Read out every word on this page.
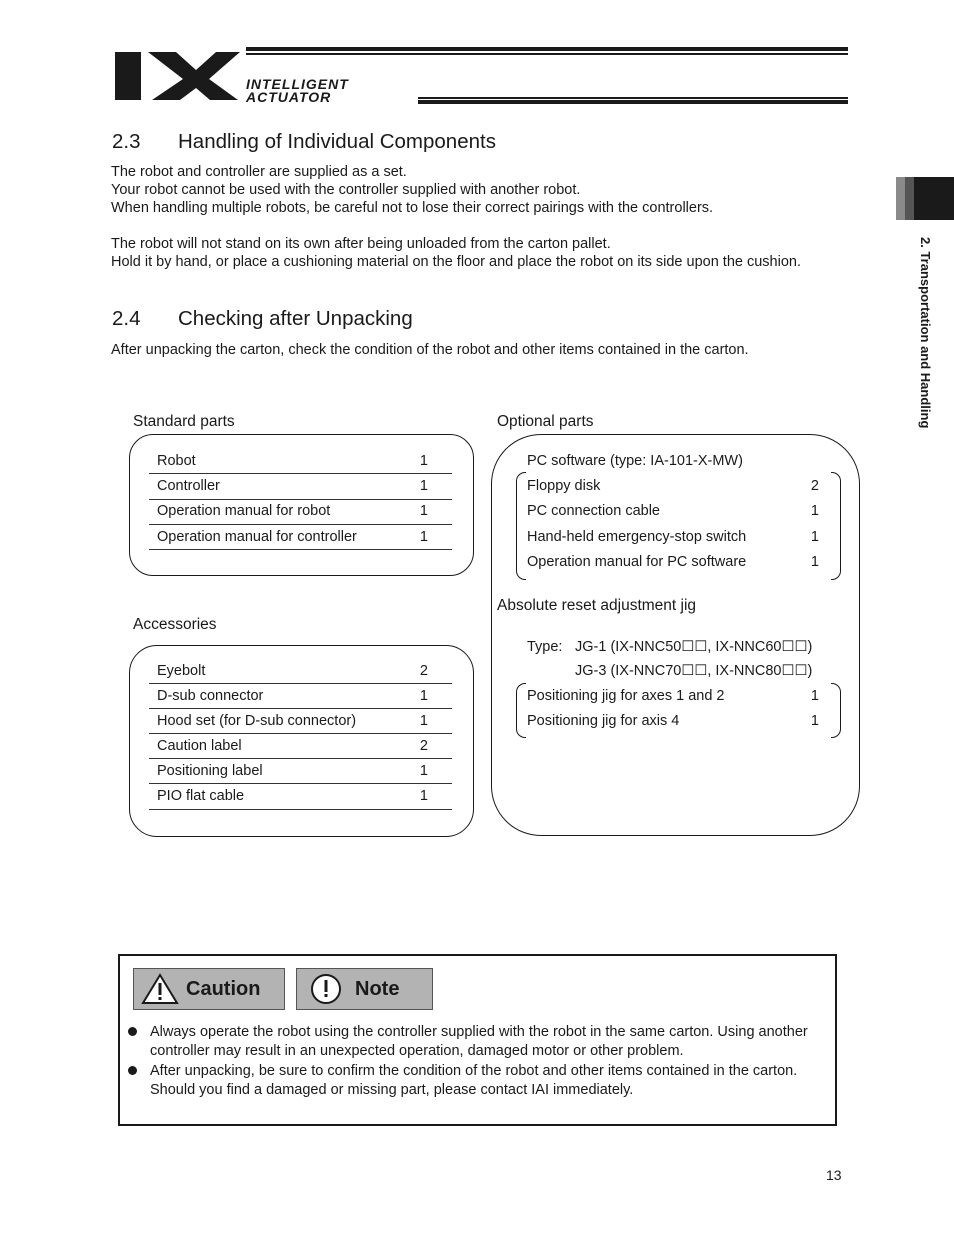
INTELLIGENT
ACTUATOR
2. Transportation and Handling
2.3 Handling of Individual Components
The robot and controller are supplied as a set.
Your robot cannot be used with the controller supplied with another robot.
When handling multiple robots, be careful not to lose their correct pairings with the controllers.
The robot will not stand on its own after being unloaded from the carton pallet.
Hold it by hand, or place a cushioning material on the floor and place the robot on its side upon the cushion.
2.4 Checking after Unpacking
After unpacking the carton, check the condition of the robot and other items contained in the carton.
Standard parts
Robot	1
Controller	1
Operation manual for robot	1
Operation manual for controller	1
Accessories
Eyebolt	2
D-sub connector	1
Hood set (for D-sub connector)	1
Caution label	2
Positioning label	1
PIO flat cable	1
Optional parts
PC software (type: IA-101-X-MW)
Floppy disk	2
PC connection cable	1
Hand-held emergency-stop switch	1
Operation manual for PC software	1
Absolute reset adjustment jig
Type: JG-1 (IX-NNC50☐☐, IX-NNC60☐☐)
JG-3 (IX-NNC70☐☐, IX-NNC80☐☐)
Positioning jig for axes 1 and 2	1
Positioning jig for axis 4	1
Caution	Note
Always operate the robot using the controller supplied with the robot in the same carton. Using another controller may result in an unexpected operation, damaged motor or other problem.
After unpacking, be sure to confirm the condition of the robot and other items contained in the carton. Should you find a damaged or missing part, please contact IAI immediately.
13
